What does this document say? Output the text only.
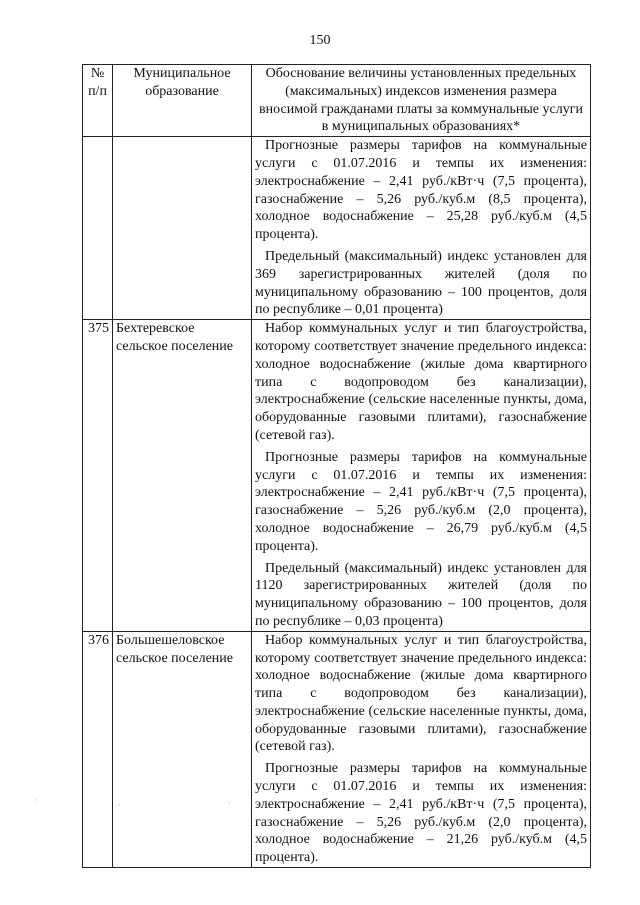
150
№ п/п	Муниципальное образование	Обоснование величины установленных предельных (максимальных) индексов изменения размера вносимой гражданами платы за коммунальные услуги в муниципальных образованиях*

		Прогнозные размеры тарифов на коммунальные услуги с 01.07.2016 и темпы их изменения: электроснабжение – 2,41 руб./кВт·ч (7,5 процента), газоснабжение – 5,26 руб./куб.м (8,5 процента), холодное водоснабжение – 25,28 руб./куб.м (4,5 процента).

Предельный (максимальный) индекс установлен для 369 зарегистрированных жителей (доля по муниципальному образованию – 100 процентов, доля по республике – 0,01 процента)

375	Бехтеревское сельское поселение	Набор коммунальных услуг и тип благоустройства, которому соответствует значение предельного индекса: холодное водоснабжение (жилые дома квартирного типа с водопроводом без канализации), электроснабжение (сельские населенные пункты, дома, оборудованные газовыми плитами), газоснабжение (сетевой газ).

Прогнозные размеры тарифов на коммунальные услуги с 01.07.2016 и темпы их изменения: электроснабжение – 2,41 руб./кВт·ч (7,5 процента), газоснабжение – 5,26 руб./куб.м (2,0 процента), холодное водоснабжение – 26,79 руб./куб.м (4,5 процента).

Предельный (максимальный) индекс установлен для 1120 зарегистрированных жителей (доля по муниципальному образованию – 100 процентов, доля по республике – 0,03 процента)

376	Большешеловское сельское поселение	Набор коммунальных услуг и тип благоустройства, которому соответствует значение предельного индекса: холодное водоснабжение (жилые дома квартирного типа с водопроводом без канализации), электроснабжение (сельские населенные пункты, дома, оборудованные газовыми плитами), газоснабжение (сетевой газ).

Прогнозные размеры тарифов на коммунальные услуги с 01.07.2016 и темпы их изменения: электроснабжение – 2,41 руб./кВт·ч (7,5 процента), газоснабжение – 5,26 руб./куб.м (2,0 процента), холодное водоснабжение – 21,26 руб./куб.м (4,5 процента).

·	·	·
